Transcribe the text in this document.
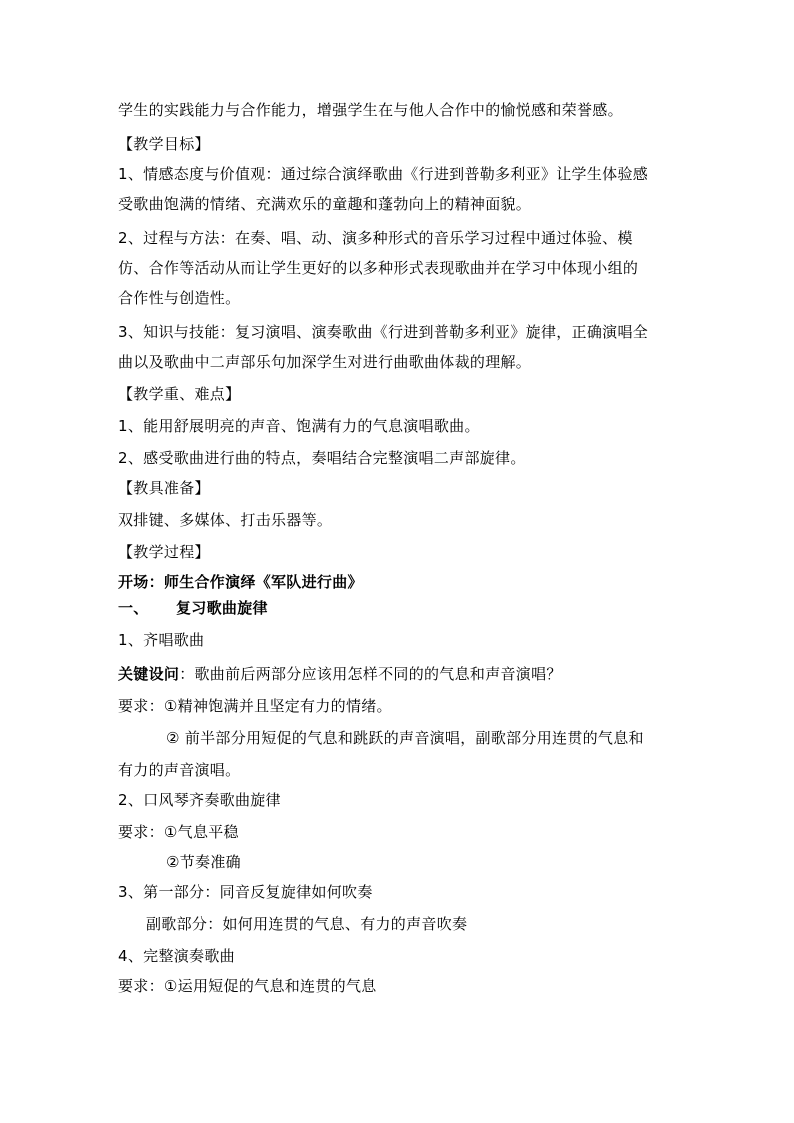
学生的实践能力与合作能力，增强学生在与他人合作中的愉悦感和荣誉感。
【教学目标】
1、情感态度与价值观：通过综合演绎歌曲《行进到普勒多利亚》让学生体验感
受歌曲饱满的情绪、充满欢乐的童趣和蓬勃向上的精神面貌。
2、过程与方法：在奏、唱、动、演多种形式的音乐学习过程中通过体验、模
仿、合作等活动从而让学生更好的以多种形式表现歌曲并在学习中体现小组的
合作性与创造性。
3、知识与技能：复习演唱、演奏歌曲《行进到普勒多利亚》旋律，正确演唱全
曲以及歌曲中二声部乐句加深学生对进行曲歌曲体裁的理解。
【教学重、难点】
1、能用舒展明亮的声音、饱满有力的气息演唱歌曲。
2、感受歌曲进行曲的特点，奏唱结合完整演唱二声部旋律。
【教具准备】
双排键、多媒体、打击乐器等。
【教学过程】
开场：师生合作演绎《军队进行曲》
一、 复习歌曲旋律
1、齐唱歌曲
关键设问：歌曲前后两部分应该用怎样不同的的气息和声音演唱？
要求：①精神饱满并且坚定有力的情绪。
② 前半部分用短促的气息和跳跃的声音演唱，副歌部分用连贯的气息和
有力的声音演唱。
2、口风琴齐奏歌曲旋律
要求：①气息平稳
②节奏准确
3、第一部分：同音反复旋律如何吹奏
副歌部分：如何用连贯的气息、有力的声音吹奏
4、完整演奏歌曲
要求：①运用短促的气息和连贯的气息
